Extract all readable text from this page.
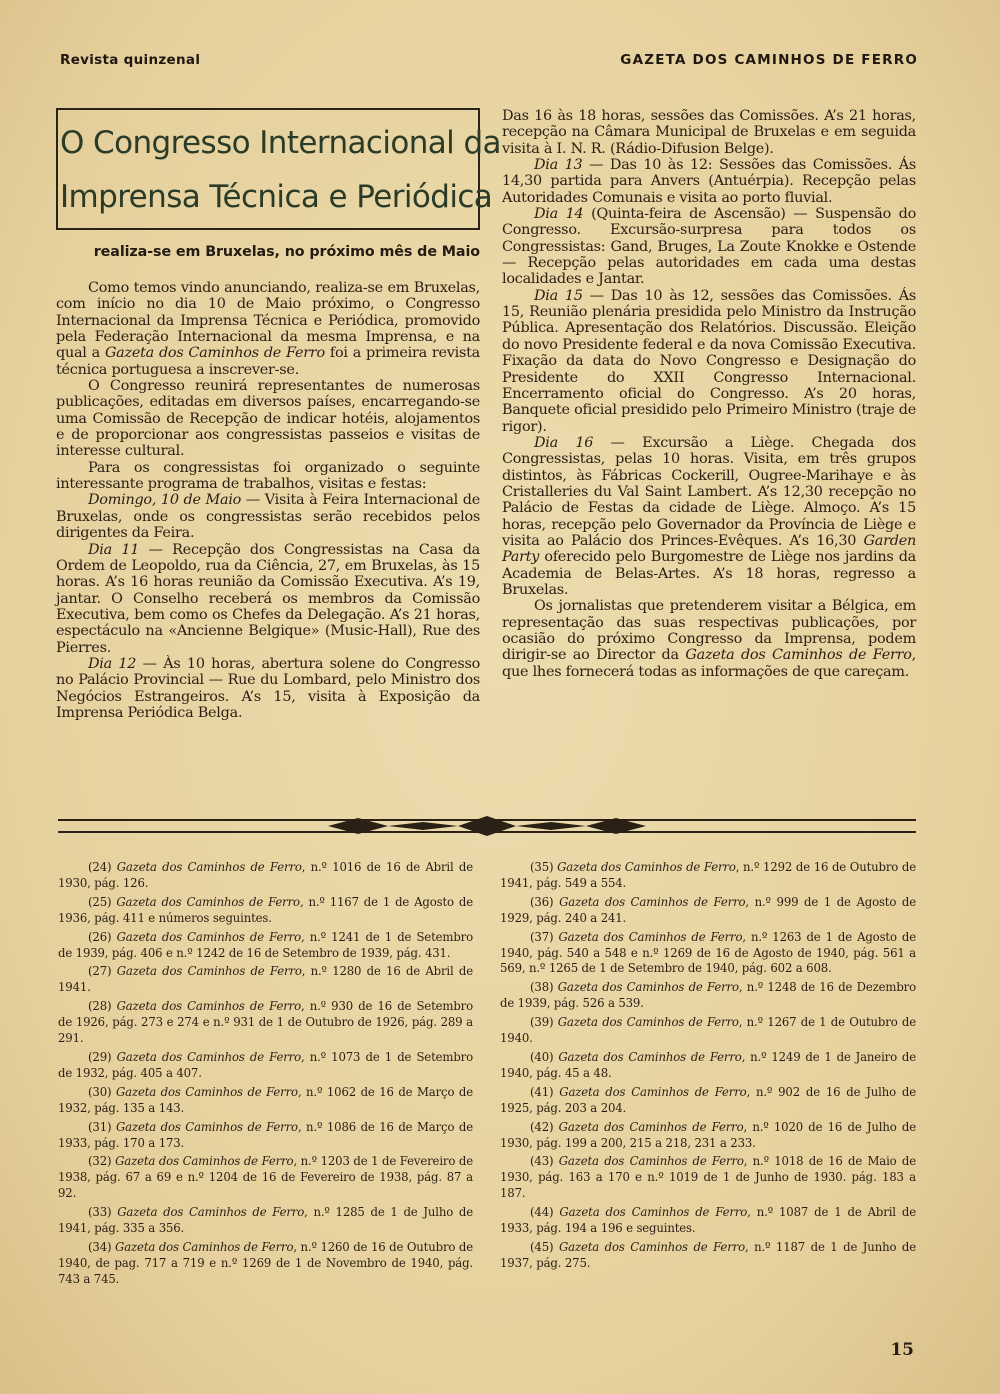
Revista quinzenal	GAZETA DOS CAMINHOS DE FERRO
O Congresso Internacional da
Imprensa Técnica e Periódica
realiza-se em Bruxelas, no próximo mês de Maio

Como temos vindo anunciando, realiza-se em Bruxelas, com início no dia 10 de Maio próximo, o Congresso Internacional da Imprensa Técnica e Periódica, promovido pela Federação Internacional da mesma Imprensa, e na qual a Gazeta dos Caminhos de Ferro foi a primeira revista técnica portuguesa a inscrever-se.

O Congresso reunirá representantes de numerosas publicações, editadas em diversos países, encarregando-se uma Comissão de Recepção de indicar hotéis, alojamentos e de proporcionar aos congressistas passeios e visitas de interesse cultural.

Para os congressistas foi organizado o seguinte interessante programa de trabalhos, visitas e festas:

Domingo, 10 de Maio — Visita à Feira Internacional de Bruxelas, onde os congressistas serão recebidos pelos dirigentes da Feira.

Dia 11 — Recepção dos Congressistas na Casa da Ordem de Leopoldo, rua da Ciência, 27, em Bruxelas, às 15 horas. A’s 16 horas reunião da Comissão Executiva. A’s 19, jantar. O Conselho receberá os membros da Comissão Executiva, bem como os Chefes da Delegação. A’s 21 horas, espectáculo na «Ancienne Belgique» (Music-Hall), Rue des Pierres.

Dia 12 — Às 10 horas, abertura solene do Congresso no Palácio Provincial — Rue du Lombard, pelo Ministro dos Negócios Estrangeiros. A’s 15, visita à Exposição da Imprensa Periódica Belga.

Das 16 às 18 horas, sessões das Comissões. A’s 21 horas, recepção na Câmara Municipal de Bruxelas e em seguida visita à I. N. R. (Rádio-Difusion Belge).

Dia 13 — Das 10 às 12: Sessões das Comissões. Ás 14,30 partida para Anvers (Antuérpia). Recepção pelas Autoridades Comunais e visita ao porto fluvial.

Dia 14 (Quinta-feira de Ascensão) — Suspensão do Congresso. Excursão-surpresa para todos os Congressistas: Gand, Bruges, La Zoute Knokke e Ostende — Recepção pelas autoridades em cada uma destas localidades e Jantar.

Dia 15 — Das 10 às 12, sessões das Comissões. Ás 15, Reunião plenária presidida pelo Ministro da Instrução Pública. Apresentação dos Relatórios. Discussão. Eleição do novo Presidente federal e da nova Comissão Executiva. Fixação da data do Novo Congresso e Designação do Presidente do XXII Congresso Internacional. Encerramento oficial do Congresso. A’s 20 horas, Banquete oficial presidido pelo Primeiro Ministro (traje de rigor).

Dia 16 — Excursão a Liège. Chegada dos Congressistas, pelas 10 horas. Visita, em três grupos distintos, às Fábricas Cockerill, Ougree-Marihaye e às Cristalleries du Val Saint Lambert. A’s 12,30 recepção no Palácio de Festas da cidade de Liège. Almoço. A’s 15 horas, recepção pelo Governador da Província de Liège e visita ao Palácio dos Princes-Evêques. A’s 16,30 Garden Party oferecido pelo Burgomestre de Liège nos jardins da Academia de Belas-Artes. A’s 18 horas, regresso a Bruxelas.

Os jornalistas que pretenderem visitar a Bélgica, em representação das suas respectivas publicações, por ocasião do próximo Congresso da Imprensa, podem dirigir-se ao Director da Gazeta dos Caminhos de Ferro, que lhes fornecerá todas as informações de que careçam.

(24) Gazeta dos Caminhos de Ferro, n.º 1016 de 16 de Abril de 1930, pág. 126.

(25) Gazeta dos Caminhos de Ferro, n.º 1167 de 1 de Agosto de 1936, pág. 411 e números seguintes.

(26) Gazeta dos Caminhos de Ferro, n.º 1241 de 1 de Setembro de 1939, pág. 406 e n.º 1242 de 16 de Setembro de 1939, pág. 431.

(27) Gazeta dos Caminhos de Ferro, n.º 1280 de 16 de Abril de 1941.

(28) Gazeta dos Caminhos de Ferro, n.º 930 de 16 de Setembro de 1926, pág. 273 e 274 e n.º 931 de 1 de Outubro de 1926, pág. 289 a 291.

(29) Gazeta dos Caminhos de Ferro, n.º 1073 de 1 de Setembro de 1932, pág. 405 a 407.

(30) Gazeta dos Caminhos de Ferro, n.º 1062 de 16 de Março de 1932, pág. 135 a 143.

(31) Gazeta dos Caminhos de Ferro, n.º 1086 de 16 de Março de 1933, pág. 170 a 173.

(32) Gazeta dos Caminhos de Ferro, n.º 1203 de 1 de Fevereiro de 1938, pág. 67 a 69 e n.º 1204 de 16 de Fevereiro de 1938, pág. 87 a 92.

(33) Gazeta dos Caminhos de Ferro, n.º 1285 de 1 de Julho de 1941, pág. 335 a 356.

(34) Gazeta dos Caminhos de Ferro, n.º 1260 de 16 de Outubro de 1940, de pag. 717 a 719 e n.º 1269 de 1 de Novembro de 1940, pág. 743 a 745.

(35) Gazeta dos Caminhos de Ferro, n.º 1292 de 16 de Outubro de 1941, pág. 549 a 554.

(36) Gazeta dos Caminhos de Ferro, n.º 999 de 1 de Agosto de 1929, pág. 240 a 241.

(37) Gazeta dos Caminhos de Ferro, n.º 1263 de 1 de Agosto de 1940, pág. 540 a 548 e n.º 1269 de 16 de Agosto de 1940, pág. 561 a 569, n.º 1265 de 1 de Setembro de 1940, pág. 602 a 608.

(38) Gazeta dos Caminhos de Ferro, n.º 1248 de 16 de Dezembro de 1939, pág. 526 a 539.

(39) Gazeta dos Caminhos de Ferro, n.º 1267 de 1 de Outubro de 1940.

(40) Gazeta dos Caminhos de Ferro, n.º 1249 de 1 de Janeiro de 1940, pág. 45 a 48.

(41) Gazeta dos Caminhos de Ferro, n.º 902 de 16 de Julho de 1925, pág. 203 a 204.

(42) Gazeta dos Caminhos de Ferro, n.º 1020 de 16 de Julho de 1930, pág. 199 a 200, 215 a 218, 231 a 233.

(43) Gazeta dos Caminhos de Ferro, n.º 1018 de 16 de Maio de 1930, pág. 163 a 170 e n.º 1019 de 1 de Junho de 1930. pág. 183 a 187.

(44) Gazeta dos Caminhos de Ferro, n.º 1087 de 1 de Abril de 1933, pág. 194 a 196 e seguintes.

(45) Gazeta dos Caminhos de Ferro, n.º 1187 de 1 de Junho de 1937, pág. 275.

15
